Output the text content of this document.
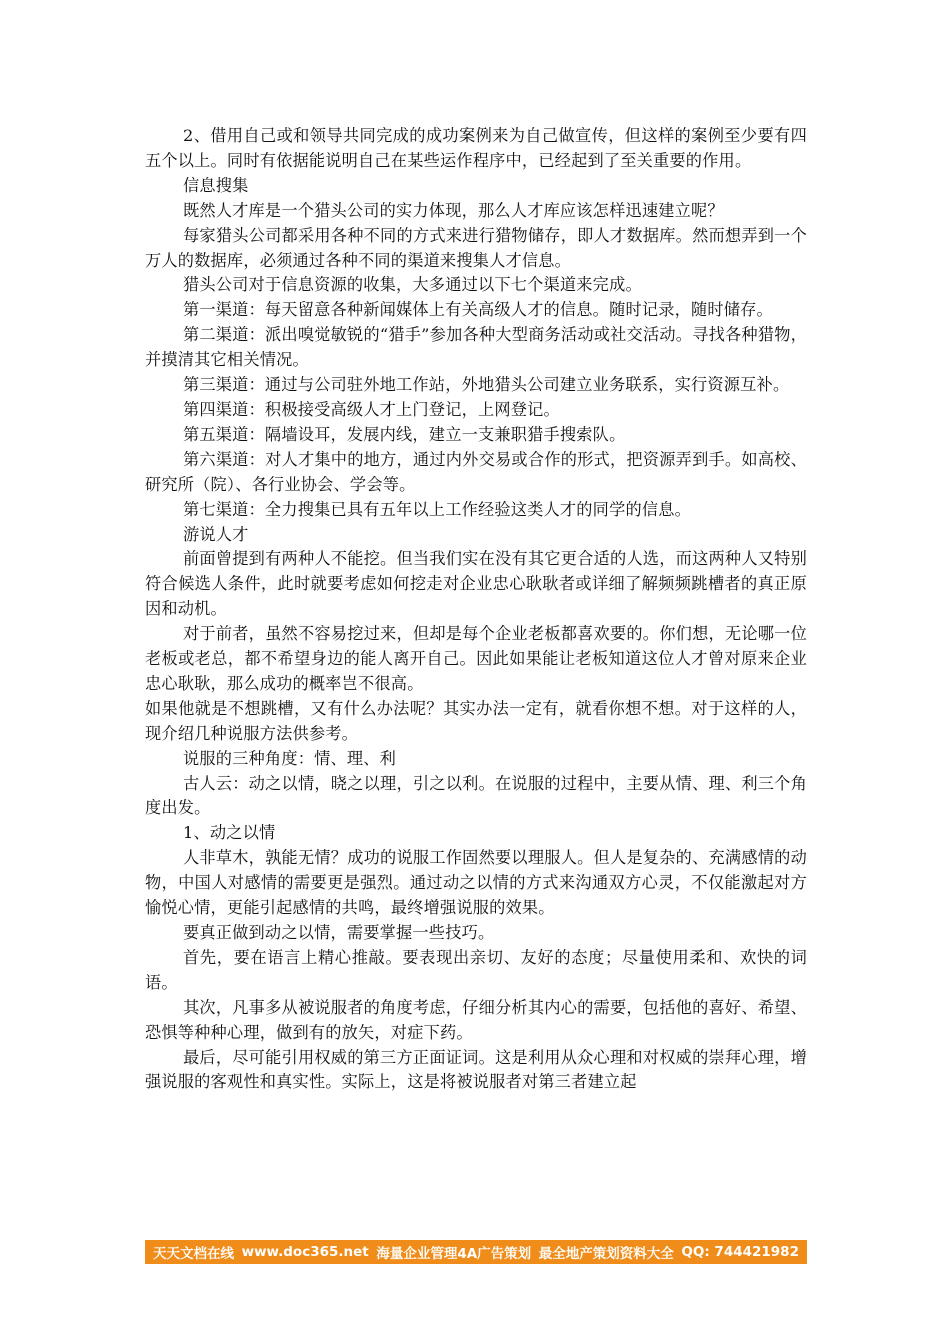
2、借用自己或和领导共同完成的成功案例来为自己做宣传，但这样的案例至少要有四五个以上。同时有依据能说明自己在某些运作程序中，已经起到了至关重要的作用。

信息搜集

既然人才库是一个猎头公司的实力体现，那么人才库应该怎样迅速建立呢？

每家猎头公司都采用各种不同的方式来进行猎物储存，即人才数据库。然而想弄到一个万人的数据库，必须通过各种不同的渠道来搜集人才信息。

猎头公司对于信息资源的收集，大多通过以下七个渠道来完成。

第一渠道：每天留意各种新闻媒体上有关高级人才的信息。随时记录，随时储存。

第二渠道：派出嗅觉敏锐的“猎手”参加各种大型商务活动或社交活动。寻找各种猎物，并摸清其它相关情况。

第三渠道：通过与公司驻外地工作站，外地猎头公司建立业务联系，实行资源互补。

第四渠道：积极接受高级人才上门登记，上网登记。

第五渠道：隔墙设耳，发展内线，建立一支兼职猎手搜索队。

第六渠道：对人才集中的地方，通过内外交易或合作的形式，把资源弄到手。如高校、研究所（院）、各行业协会、学会等。

第七渠道：全力搜集已具有五年以上工作经验这类人才的同学的信息。

游说人才

前面曾提到有两种人不能挖。但当我们实在没有其它更合适的人选，而这两种人又特别符合候选人条件，此时就要考虑如何挖走对企业忠心耿耿者或详细了解频频跳槽者的真正原因和动机。

对于前者，虽然不容易挖过来，但却是每个企业老板都喜欢要的。你们想，无论哪一位老板或老总，都不希望身边的能人离开自己。因此如果能让老板知道这位人才曾对原来企业忠心耿耿，那么成功的概率岂不很高。

如果他就是不想跳槽，又有什么办法呢？其实办法一定有，就看你想不想。对于这样的人，现介绍几种说服方法供参考。

说服的三种角度：情、理、利

古人云：动之以情，晓之以理，引之以利。在说服的过程中，主要从情、理、利三个角度出发。

1、动之以情

人非草木，孰能无情？成功的说服工作固然要以理服人。但人是复杂的、充满感情的动物，中国人对感情的需要更是强烈。通过动之以情的方式来沟通双方心灵，不仅能激起对方愉悦心情，更能引起感情的共鸣，最终增强说服的效果。

要真正做到动之以情，需要掌握一些技巧。

首先，要在语言上精心推敲。要表现出亲切、友好的态度；尽量使用柔和、欢快的词语。

其次，凡事多从被说服者的角度考虑，仔细分析其内心的需要，包括他的喜好、希望、恐惧等种种心理，做到有的放矢，对症下药。

最后，尽可能引用权威的第三方正面证词。这是利用从众心理和对权威的崇拜心理，增强说服的客观性和真实性。实际上，这是将被说服者对第三者建立起

天天文档在线 www.doc365.net 海量企业管理4A广告策划 最全地产策划资料大全 QQ: 744421982
